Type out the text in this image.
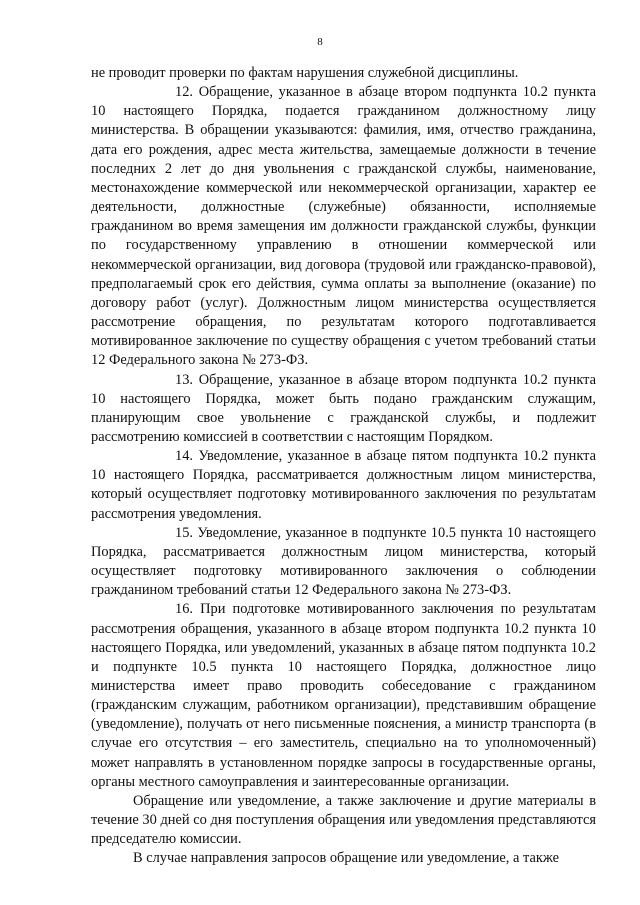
8

не проводит проверки по фактам нарушения служебной дисциплины.

12. Обращение, указанное в абзаце втором подпункта 10.2 пункта 10 настоящего Порядка, подается гражданином должностному лицу министерства. В обращении указываются: фамилия, имя, отчество гражданина, дата его рождения, адрес места жительства, замещаемые должности в течение последних 2 лет до дня увольнения с гражданской службы, наименование, местонахождение коммерческой или некоммерческой организации, характер ее деятельности, должностные (служебные) обязанности, исполняемые гражданином во время замещения им должности гражданской службы, функции по государственному управлению в отношении коммерческой или некоммерческой организации, вид договора (трудовой или гражданско-правовой), предполагаемый срок его действия, сумма оплаты за выполнение (оказание) по договору работ (услуг). Должностным лицом министерства осуществляется рассмотрение обращения, по результатам которого подготавливается мотивированное заключение по существу обращения с учетом требований статьи 12 Федерального закона № 273-ФЗ.

13. Обращение, указанное в абзаце втором подпункта 10.2 пункта 10 настоящего Порядка, может быть подано гражданским служащим, планирующим свое увольнение с гражданской службы, и подлежит рассмотрению комиссией в соответствии с настоящим Порядком.

14. Уведомление, указанное в абзаце пятом подпункта 10.2 пункта 10 настоящего Порядка, рассматривается должностным лицом министерства, который осуществляет подготовку мотивированного заключения по результатам рассмотрения уведомления.

15. Уведомление, указанное в подпункте 10.5 пункта 10 настоящего Порядка, рассматривается должностным лицом министерства, который осуществляет подготовку мотивированного заключения о соблюдении гражданином требований статьи 12 Федерального закона № 273-ФЗ.

16. При подготовке мотивированного заключения по результатам рассмотрения обращения, указанного в абзаце втором подпункта 10.2 пункта 10 настоящего Порядка, или уведомлений, указанных в абзаце пятом подпункта 10.2 и подпункте 10.5 пункта 10 настоящего Порядка, должностное лицо министерства имеет право проводить собеседование с гражданином (гражданским служащим, работником организации), представившим обращение (уведомление), получать от него письменные пояснения, а министр транспорта (в случае его отсутствия – его заместитель, специально на то уполномоченный) может направлять в установленном порядке запросы в государственные органы, органы местного самоуправления и заинтересованные организации.

Обращение или уведомление, а также заключение и другие материалы в течение 30 дней со дня поступления обращения или уведомления представляются председателю комиссии.

В случае направления запросов обращение или уведомление, а также
